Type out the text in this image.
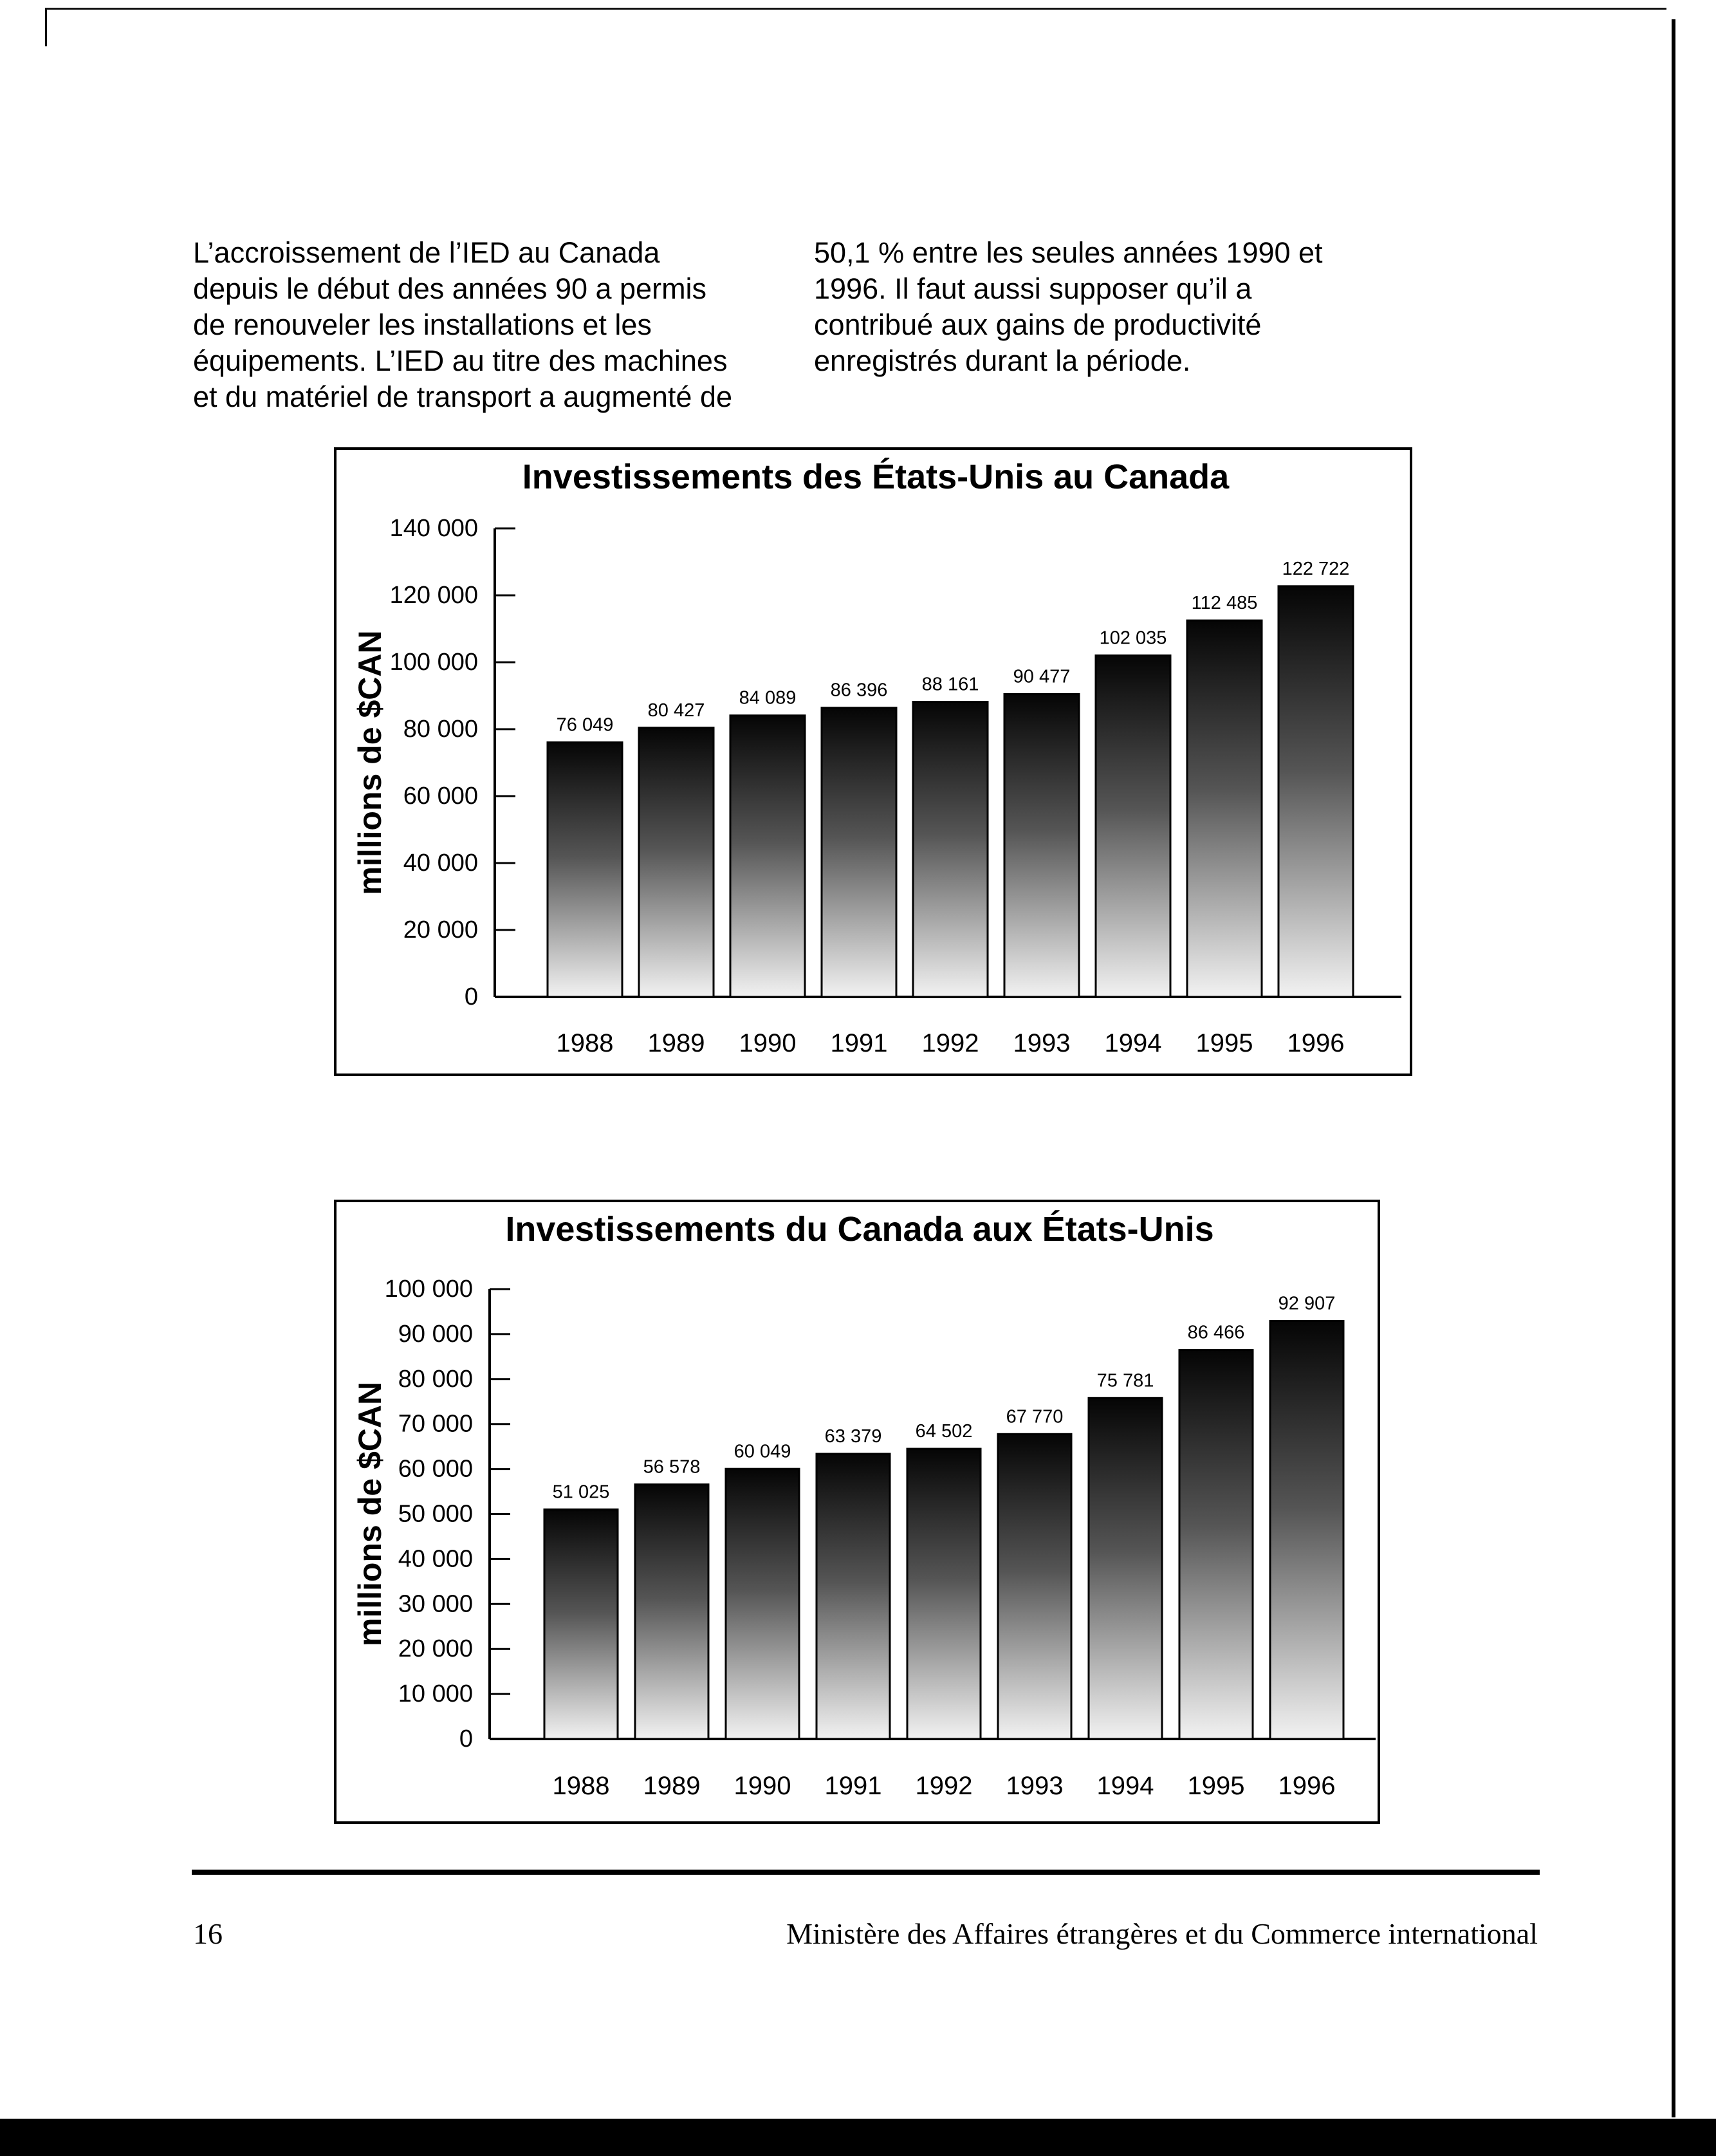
L’accroissement de l’IED au Canada
depuis le début des années 90 a permis
de renouveler les installations et les
équipements. L’IED au titre des machines
et du matériel de transport a augmenté de

50,1 % entre les seules années 1990 et
1996. Il faut aussi supposer qu’il a
contribué aux gains de productivité
enregistrés durant la période.

Investissements des États-Unis au Canada
millions de $CAN
0
20 000
40 000
60 000
80 000
100 000
120 000
140 000
76 049
1988
80 427
1989
84 089
1990
86 396
1991
88 161
1992
90 477
1993
102 035
1994
112 485
1995
122 722
1996
Investissements du Canada aux États-Unis
millions de $CAN
0
10 000
20 000
30 000
40 000
50 000
60 000
70 000
80 000
90 000
100 000
51 025
1988
56 578
1989
60 049
1990
63 379
1991
64 502
1992
67 770
1993
75 781
1994
86 466
1995
92 907
1996
16	Ministère des Affaires étrangères et du Commerce international
